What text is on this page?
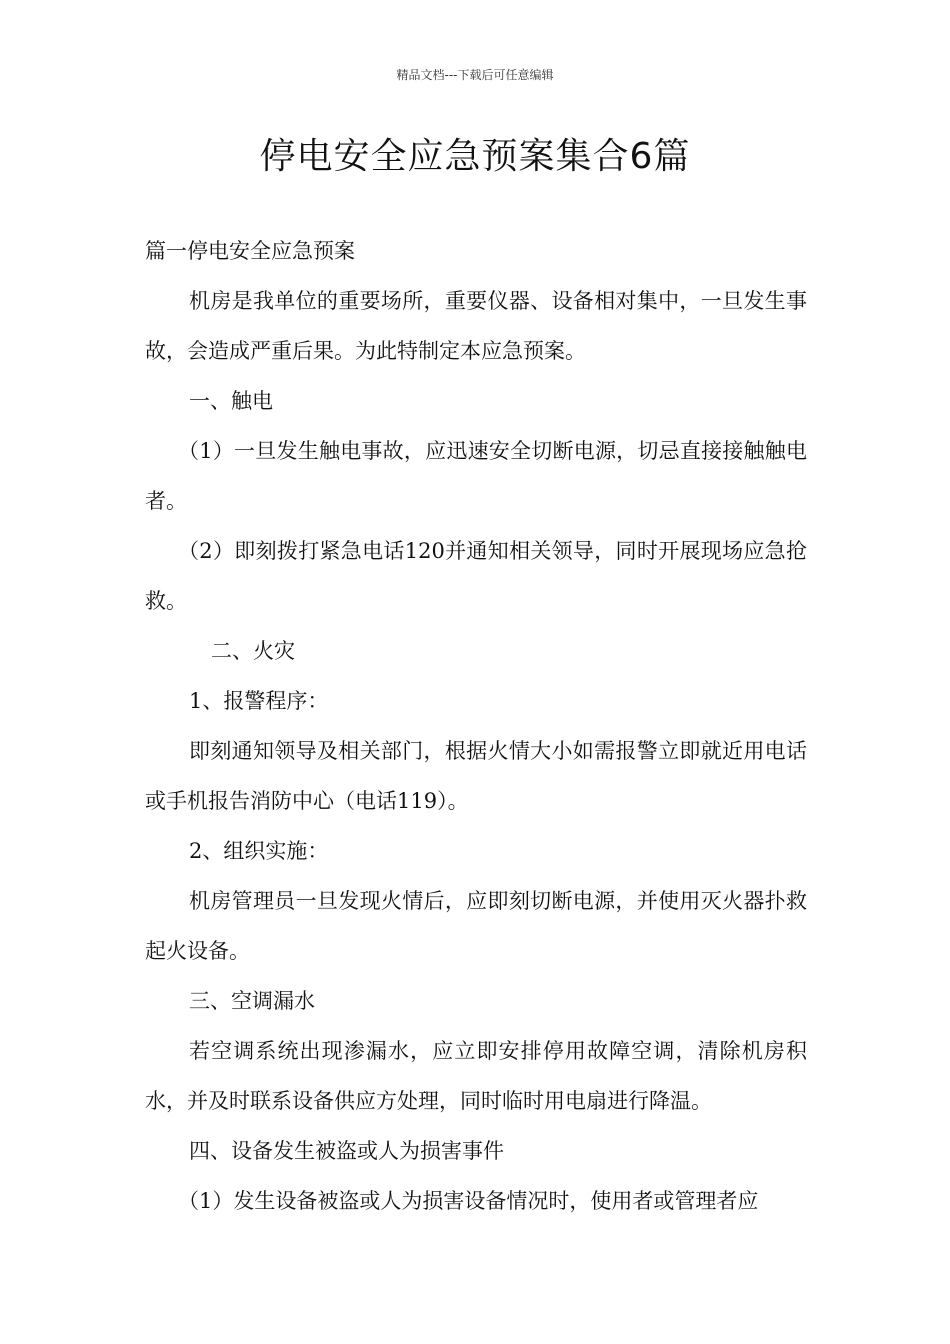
精品文档---下载后可任意编辑
停电安全应急预案集合6篇

篇一停电安全应急预案

机房是我单位的重要场所，重要仪器、设备相对集中，一旦发生事故，会造成严重后果。为此特制定本应急预案。

一、触电

（1）一旦发生触电事故，应迅速安全切断电源，切忌直接接触触电者。

（2）即刻拨打紧急电话120并通知相关领导，同时开展现场应急抢救。

二、火灾

1、报警程序：

即刻通知领导及相关部门，根据火情大小如需报警立即就近用电话或手机报告消防中心（电话119）。

2、组织实施：

机房管理员一旦发现火情后，应即刻切断电源，并使用灭火器扑救起火设备。

三、空调漏水

若空调系统出现渗漏水，应立即安排停用故障空调，清除机房积水，并及时联系设备供应方处理，同时临时用电扇进行降温。

四、设备发生被盗或人为损害事件

（1）发生设备被盗或人为损害设备情况时，使用者或管理者应
